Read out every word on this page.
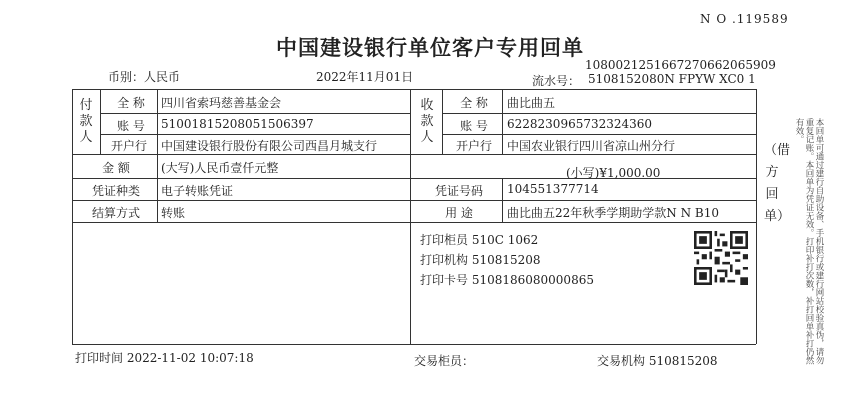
N O .119589
中国建设银行单位客户专用回单
币别：人民币	2022年11月01日
1080021251667270662065909
流水号： 5108152080N FPYW XC0 1
付款人
全 称	四川省索玛慈善基金会
账 号	51001815208051506397
开户行	中国建设银行股份有限公司西昌月城支行
收款人
全 称	曲比曲五
账 号	6228230965732324360
开户行	中国农业银行四川省凉山州分行
金 额	(大写)人民币壹仟元整	(小写)¥1,000.00
凭证种类	电子转账凭证	凭证号码	104551377714
结算方式	转账	用 途	曲比曲五22年秋季学期助学款N N B10
打印柜员 510C 1062
打印机构 510815208
打印卡号 5108186080000865
打印时间 2022-11-02 10:07:18	交易柜员：	交易机构 510815208
（借方回单）	本回单可通过建行自助设备、手机银行或建行网站校验真伪，请勿重复记账。本回单为凭证无效。打印补打次数，补打回单补打仍然有效。
